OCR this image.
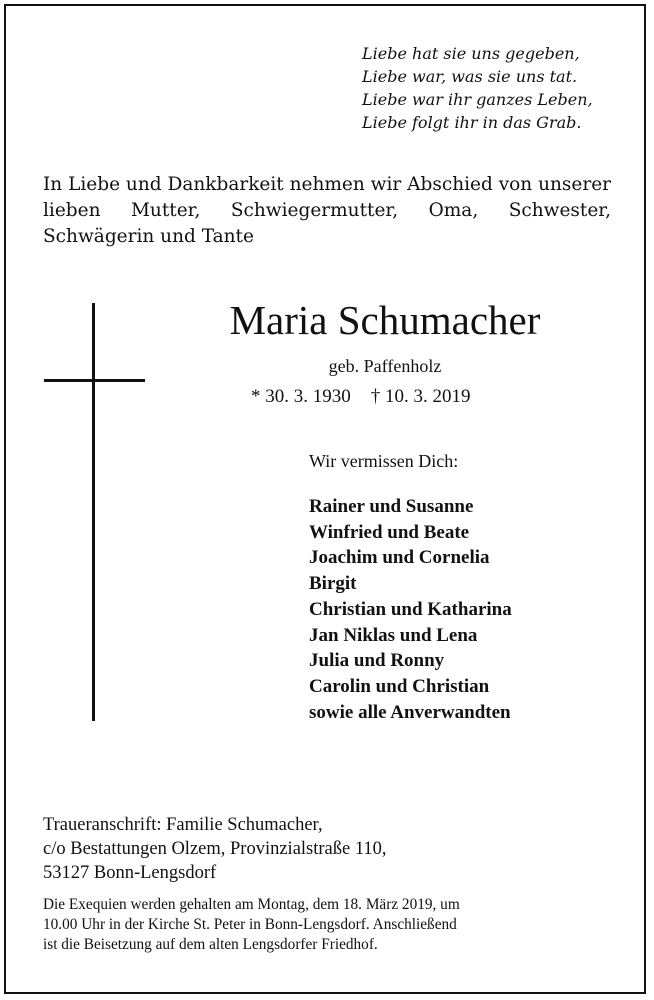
Liebe hat sie uns gegeben,
Liebe war, was sie uns tat.
Liebe war ihr ganzes Leben,
Liebe folgt ihr in das Grab.
In Liebe und Dankbarkeit nehmen wir Abschied von unserer lieben Mutter, Schwiegermutter, Oma, Schwester, Schwägerin und Tante
Maria Schumacher
geb. Paffenholz
* 30. 3. 1930 † 10. 3. 2019
Wir vermissen Dich:
Rainer und Susanne
Winfried und Beate
Joachim und Cornelia
Birgit
Christian und Katharina
Jan Niklas und Lena
Julia und Ronny
Carolin und Christian
sowie alle Anverwandten
Traueranschrift: Familie Schumacher,
c/o Bestattungen Olzem, Provinzialstraße 110,
53127 Bonn-Lengsdorf
Die Exequien werden gehalten am Montag, dem 18. März 2019, um
10.00 Uhr in der Kirche St. Peter in Bonn-Lengsdorf. Anschließend
ist die Beisetzung auf dem alten Lengsdorfer Friedhof.
